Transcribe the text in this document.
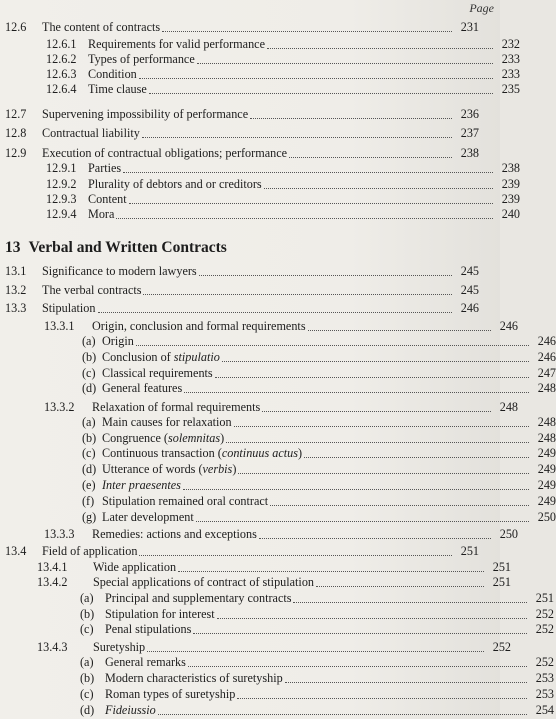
Page
13 Verbal and Written Contracts
12.6	The content of contracts	231
12.6.1 Requirements for valid performance	232
12.6.2 Types of performance	233
12.6.3 Condition	233
12.6.4 Time clause	235
12.7	Supervening impossibility of performance	236
12.8	Contractual liability	237
12.9	Execution of contractual obligations; performance	238
12.9.1 Parties	238
12.9.2 Plurality of debtors and or creditors	239
12.9.3 Content	239
12.9.4 Mora	240
13.1	Significance to modern lawyers	245
13.2	The verbal contracts	245
13.3	Stipulation	246
13.3.1	Origin, conclusion and formal requirements	246
(a) Origin	246
(b) Conclusion of stipulatio	246
(c) Classical requirements	247
(d) General features	248
13.3.2	Relaxation of formal requirements	248
(a) Main causes for relaxation	248
(b) Congruence (solemnitas)	248
(c) Continuous transaction (continuus actus)	249
(d) Utterance of words (verbis)	249
(e) Inter praesentes	249
(f) Stipulation remained oral contract	249
(g) Later development	250
13.3.3	Remedies: actions and exceptions	250
13.4	Field of application	251
13.4.1	Wide application	251
13.4.2	Special applications of contract of stipulation	251
(a) Principal and supplementary contracts	251
(b) Stipulation for interest	252
(c) Penal stipulations	252
13.4.3	Suretyship	252
(a) General remarks	252
(b) Modern characteristics of suretyship	253
(c) Roman types of suretyship	253
(d) Fideiussio	254
